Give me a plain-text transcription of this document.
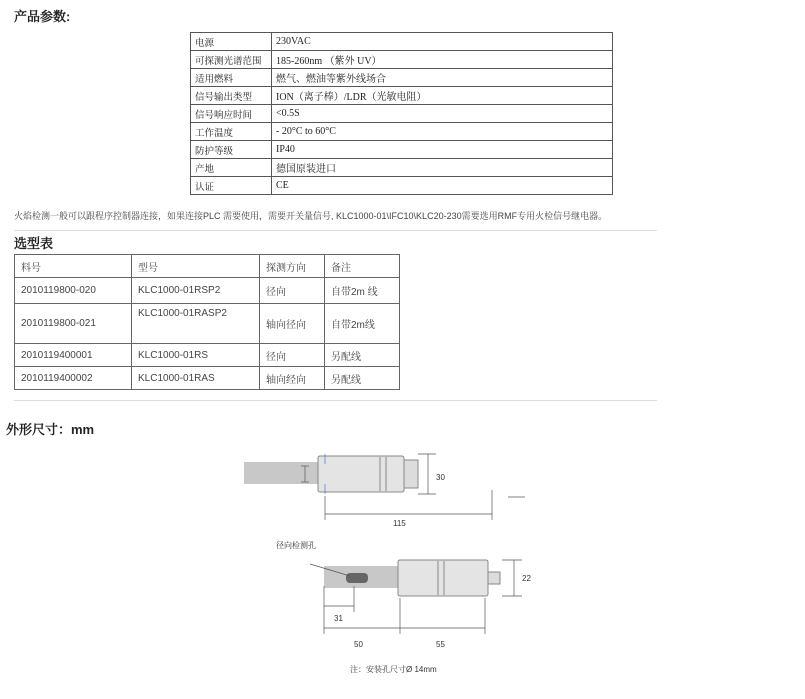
产品参数:
电源	230VAC
可探测光谱范围	185-260nm （紫外 UV）
适用燃料	燃气、燃油等紫外线场合
信号输出类型	ION（离子棒）/LDR（光敏电阻）
信号响应时间	<0.5S
工作温度	- 20°C to 60°C
防护等级	IP40
产地	德国原装进口
认证	CE
火焰检测一般可以跟程序控制器连接，如果连接PLC 需要使用，需要开关量信号, KLC1000-01\IFC10\KLC20-230需要选用RMF专用火检信号继电器。
选型表
料号	型号	探测方向	备注
2010119800-020	KLC1000-01RSP2	径向	自带2m 线
2010119800-021	KLC1000-01RASP2	轴向径向	自带2m线
2010119400001	KLC1000-01RS	径向	另配线
2010119400002	KLC1000-01RAS	轴向经向	另配线
外形尺寸：mm
30
115
径向检测孔
22
31
50	55
注：安装孔尺寸Ø 14mm
